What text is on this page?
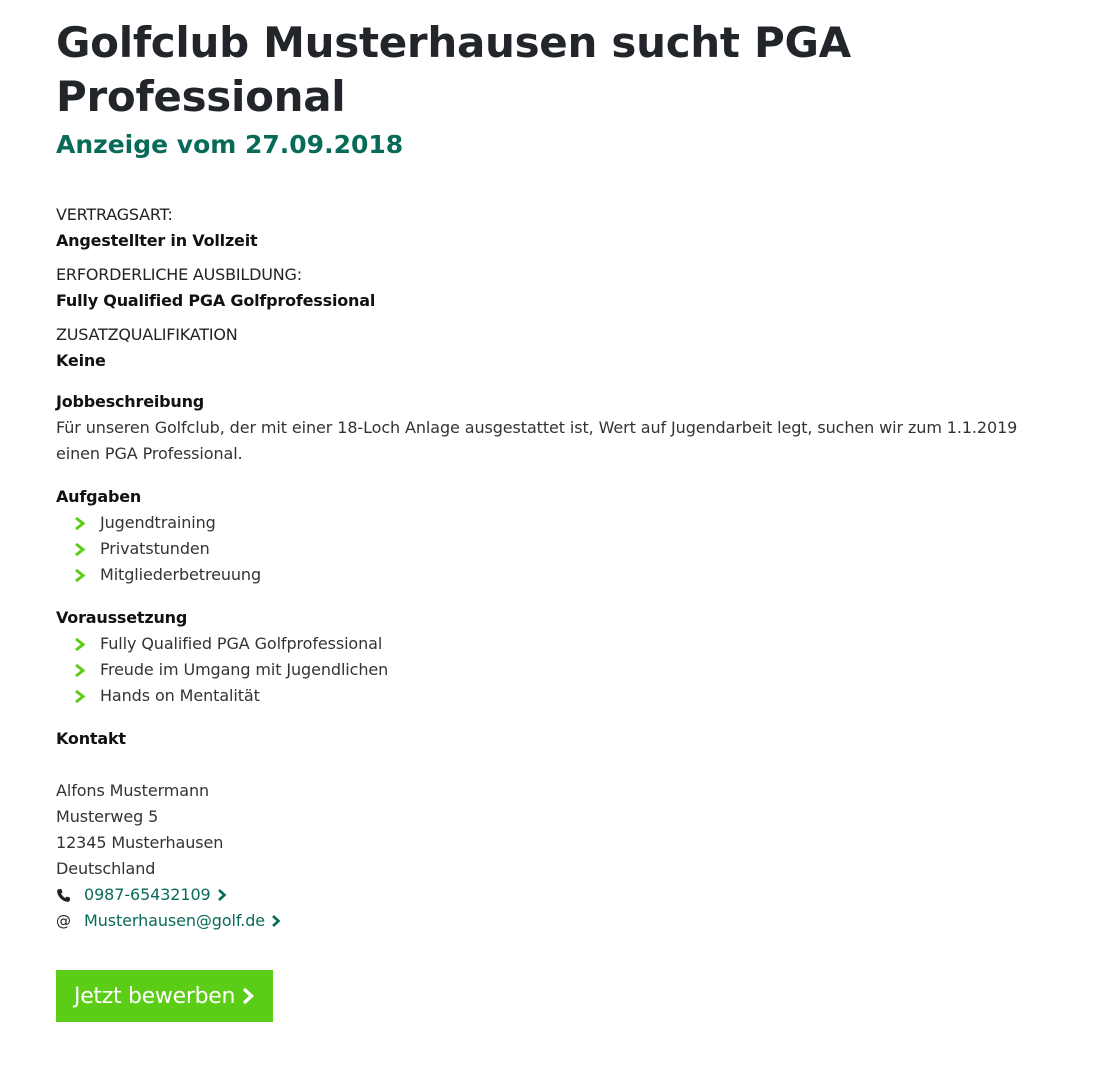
Golfclub Musterhausen sucht PGA Professional
Anzeige vom 27.09.2018
VERTRAGSART:
Angestellter in Vollzeit
ERFORDERLICHE AUSBILDUNG:
Fully Qualified PGA Golfprofessional
ZUSATZQUALIFIKATION
Keine
Jobbeschreibung
Für unseren Golfclub, der mit einer 18-Loch Anlage ausgestattet ist, Wert auf Jugendarbeit legt, suchen wir zum 1.1.2019 einen PGA Professional.
Aufgaben
Jugendtraining
Privatstunden
Mitgliederbetreuung
Voraussetzung
Fully Qualified PGA Golfprofessional
Freude im Umgang mit Jugendlichen
Hands on Mentalität
Kontakt
Alfons Mustermann
Musterweg 5
12345 Musterhausen
Deutschland
0987-65432109
@ Musterhausen@golf.de
Jetzt bewerben
